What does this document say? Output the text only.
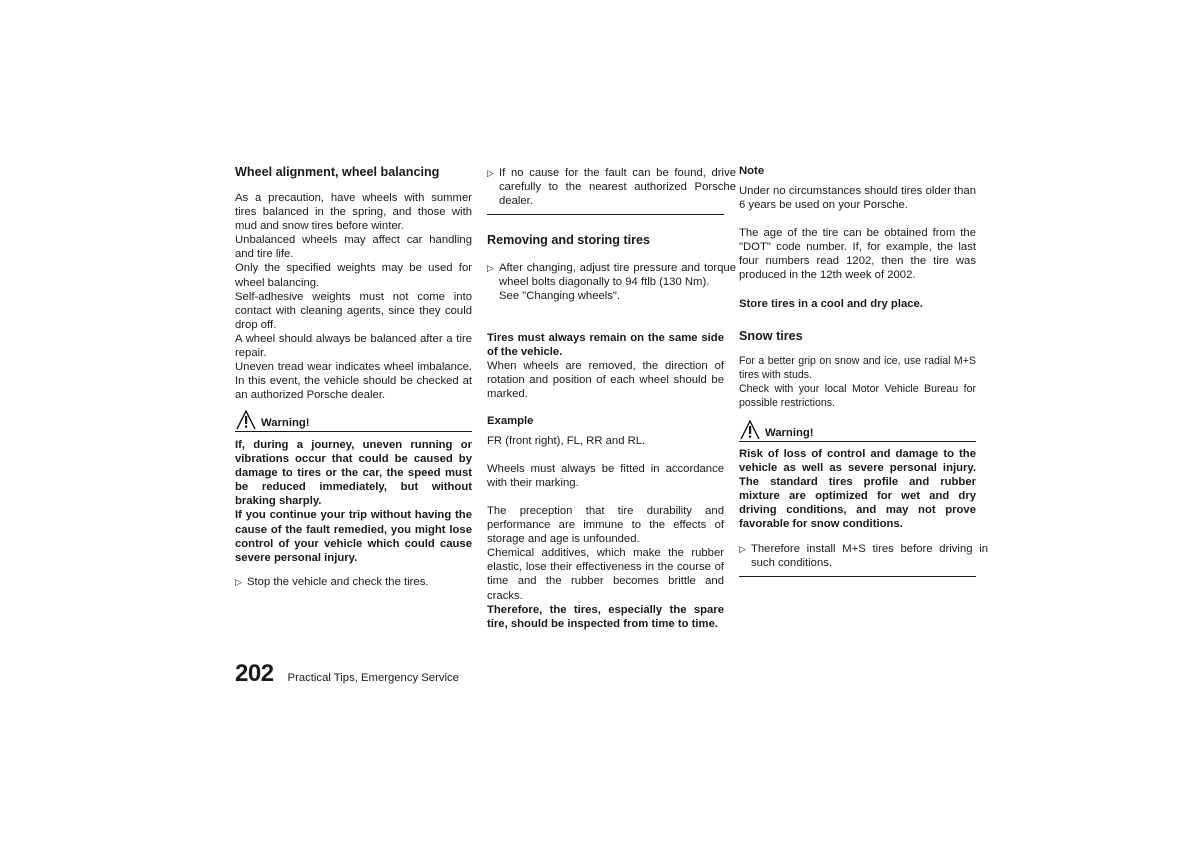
Wheel alignment, wheel balancing

As a precaution, have wheels with summer tires balanced in the spring, and those with mud and snow tires before winter.

Unbalanced wheels may affect car handling and tire life.

Only the specified weights may be used for wheel balancing.

Self-adhesive weights must not come into contact with cleaning agents, since they could drop off.

A wheel should always be balanced after a tire repair.

Uneven tread wear indicates wheel imbalance. In this event, the vehicle should be checked at an authorized Porsche dealer.

Warning!

If, during a journey, uneven running or vibrations occur that could be caused by damage to tires or the car, the speed must be reduced immediately, but without braking sharply.

If you continue your trip without having the cause of the fault remedied, you might lose control of your vehicle which could cause severe personal injury.

▷ Stop the vehicle and check the tires.
▷ If no cause for the fault can be found, drive carefully to the nearest authorized Porsche dealer.
Removing and storing tires
▷ After changing, adjust tire pressure and torque wheel bolts diagonally to 94 ftlb (130 Nm).
See "Changing wheels".

Tires must always remain on the same side of the vehicle.

When wheels are removed, the direction of rotation and position of each wheel should be marked.

Example
FR (front right), FL, RR and RL.

Wheels must always be fitted in accordance with their marking.

The preception that tire durability and performance are immune to the effects of storage and age is unfounded.

Chemical additives, which make the rubber elastic, lose their effectiveness in the course of time and the rubber becomes brittle and cracks.

Therefore, the tires, especially the spare tire, should be inspected from time to time.

Note

Under no circumstances should tires older than 6 years be used on your Porsche.

The age of the tire can be obtained from the "DOT" code number. If, for example, the last four numbers read 1202, then the tire was produced in the 12th week of 2002.

Store tires in a cool and dry place.
Snow tires

For a better grip on snow and ice, use radial M+S tires with studs.

Check with your local Motor Vehicle Bureau for possible restrictions.

Warning!

Risk of loss of control and damage to the vehicle as well as severe personal injury. The standard tires profile and rubber mixture are optimized for wet and dry driving conditions, and may not prove favorable for snow conditions.

▷ Therefore install M+S tires before driving in such conditions.
202 Practical Tips, Emergency Service
